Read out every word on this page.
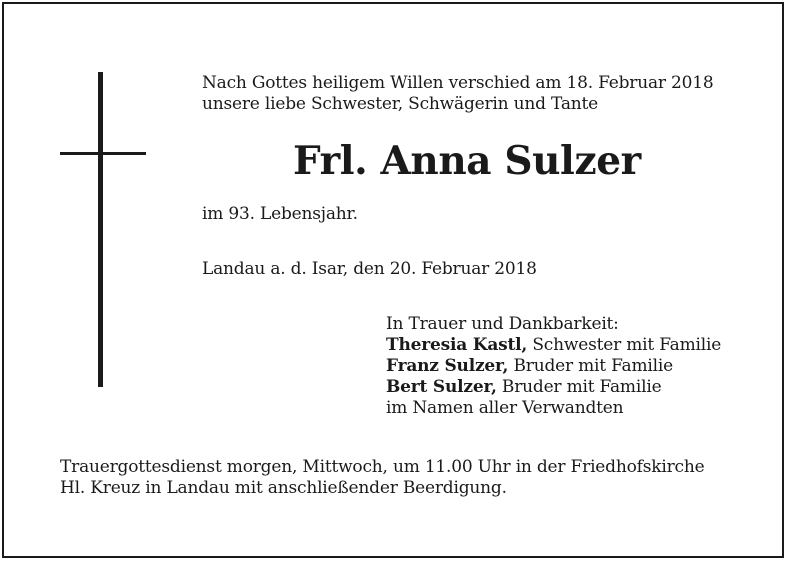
Nach Gottes heiligem Willen verschied am 18. Februar 2018
unsere liebe Schwester, Schwägerin und Tante
Frl. Anna Sulzer
im 93. Lebensjahr.
Landau a. d. Isar, den 20. Februar 2018
In Trauer und Dankbarkeit:
Theresia Kastl, Schwester mit Familie
Franz Sulzer, Bruder mit Familie
Bert Sulzer, Bruder mit Familie
im Namen aller Verwandten
Trauergottesdienst morgen, Mittwoch, um 11.00 Uhr in der Friedhofskirche
Hl. Kreuz in Landau mit anschließender Beerdigung.
